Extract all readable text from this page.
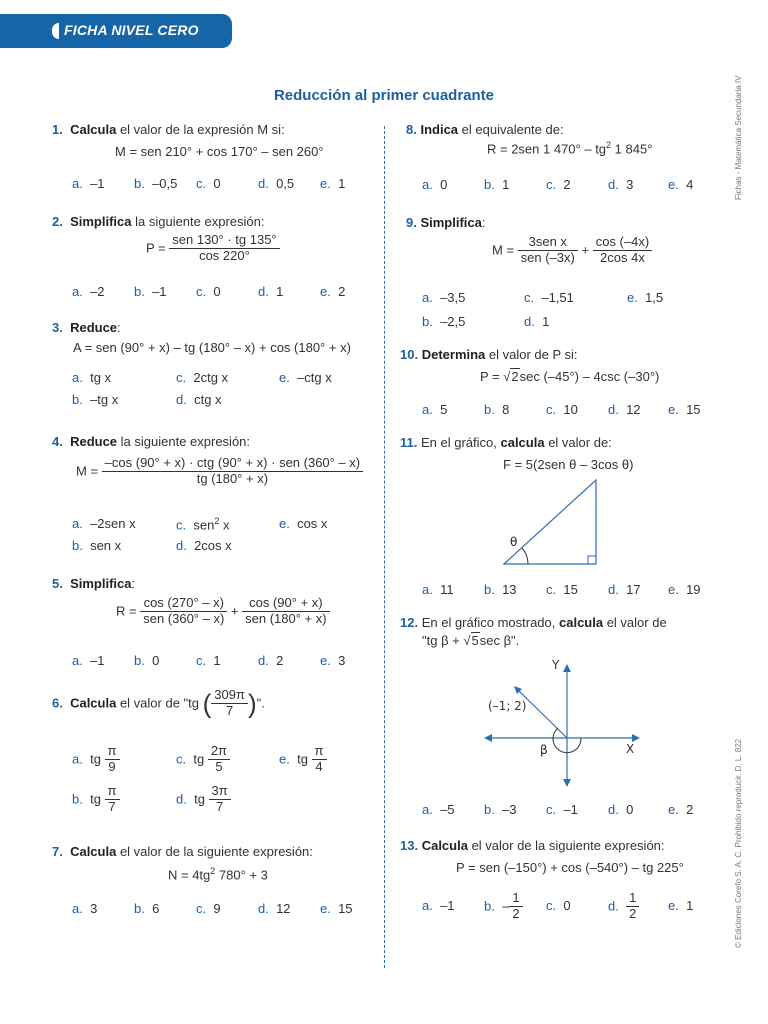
FICHA NIVEL CERO
Reducción al primer cuadrante	Fichas - Matemática Secundaria IV
© Ediciones Corefo S. A. C. Prohibido reproducir. D. L. 822
1. Calcula el valor de la expresión M si:
M = sen 210° + cos 170° – sen 260°
a. –1 b. –0,5 c. 0	d. 0,5 e. 1
2. Simplifica la siguiente expresión:
$P = \frac{\text{sen 130° · tg 135°}}{\cos 220^\circ}$
a. –2 b. –1 c. 0	d. 1	e. 2
3. Reduce:
A = sen (90° + x) – tg (180° – x) + cos (180° + x)
a. tg x
b. –tg x
c. 2ctg x
d. ctg x
e. –ctg x
4. Reduce la siguiente expresión:
$M = \frac{\text{–cos (90° + x) · ctg (90° + x) · sen (360° – x)}}{tg (180^\circ + x)}$
a. –2sen x
b. sen x
c. sen$^2$ x
d. 2cos x
e. cos x
5. Simplifica:
$R = \frac{\cos (270^\circ - x)}{\text{sen (360° – x)}} + \frac{\cos (90^\circ + x)}{\text{sen (180° + x)}}$
a. –1 b. 0	c. 1	d. 2	e. 3
6. Calcula el valor de "tg ( $\frac{309\pi}{7}$ )".
a. tg $\frac{\pi}{9}$
b. tg $\frac{\pi}{7}$
c. tg $\frac{2\pi}{5}$
d. tg $\frac{3\pi}{7}$
e. tg $\frac{\pi}{4}$
7. Calcula el valor de la siguiente expresión:
$N = 4tg^2$ 780° + 3
a. 3	b. 6	c. 9	d. 12 e. 15
8. Indica el equivalente de:
R = 2sen 1 $470^\circ - tg^2$ 1 845°
a. 0	b. 1	c. 2	d. 3	e. 4
9. Simplifica:
$M = \frac{\text{3sen x}}{\text{sen (–3x)}} + \frac{\cos (-4x)}{2\cos 4x}$
a. –3,5
b. –2,5
c. –1,51
d. 1
e. 1,5
10. Determina el valor de P si:
P = √2sec (–45°) – 4csc (–30°)
a. 5	b. 8	c. 10 d. 12 e. 15
11. En el gráfico, calcula el valor de:
F = 5(2sen θ – 3cos θ)
θ
a. 11 b. 13 c. 15 d. 17 e. 19
12. En el gráfico mostrado, calcula el valor de
"tg β + √5sec β".
Y
X
(–1; 2)
β
a. –5 b. –3 c. –1 d. 0	e. 2
13. Calcula el valor de la siguiente expresión:
P = sen (–150°) + cos (–540°) – tg 225°
a. –1 b. – $\frac{1}{2} c$. 0	d. $\frac{1}{2} e$. 1
